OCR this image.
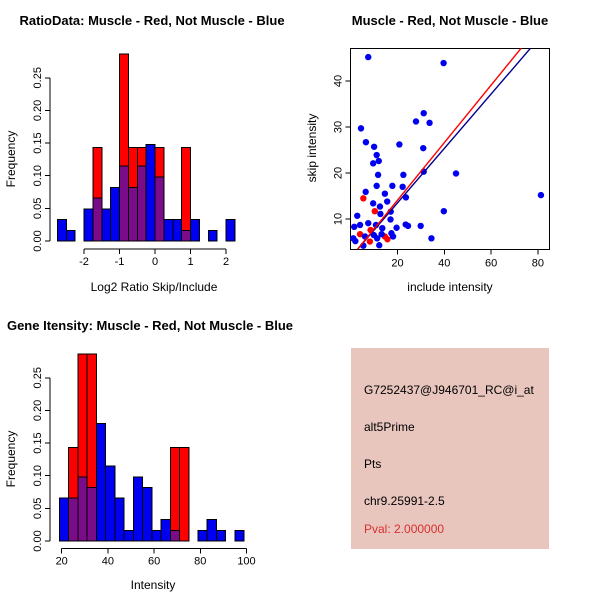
0.00
0.05
0.10
0.15
0.20
0.25
-2 -1	0	1	2
RatioData: Muscle - Red, Not Muscle - Blue
Log2 Ratio Skip/Include
Frequency
20	40	60	80
10
20
30
40
Muscle - Red, Not Muscle - Blue
include intensity
skip intensity
0.00
0.05
0.10
0.15
0.20
0.25
20	40	60	80	100
Gene Itensity: Muscle - Red, Not Muscle - Blue
Intensity
Frequency
G7252437@J946701_RC@i_at
alt5Prime
Pts
chr9.25991-2.5
Pval: 2.000000
